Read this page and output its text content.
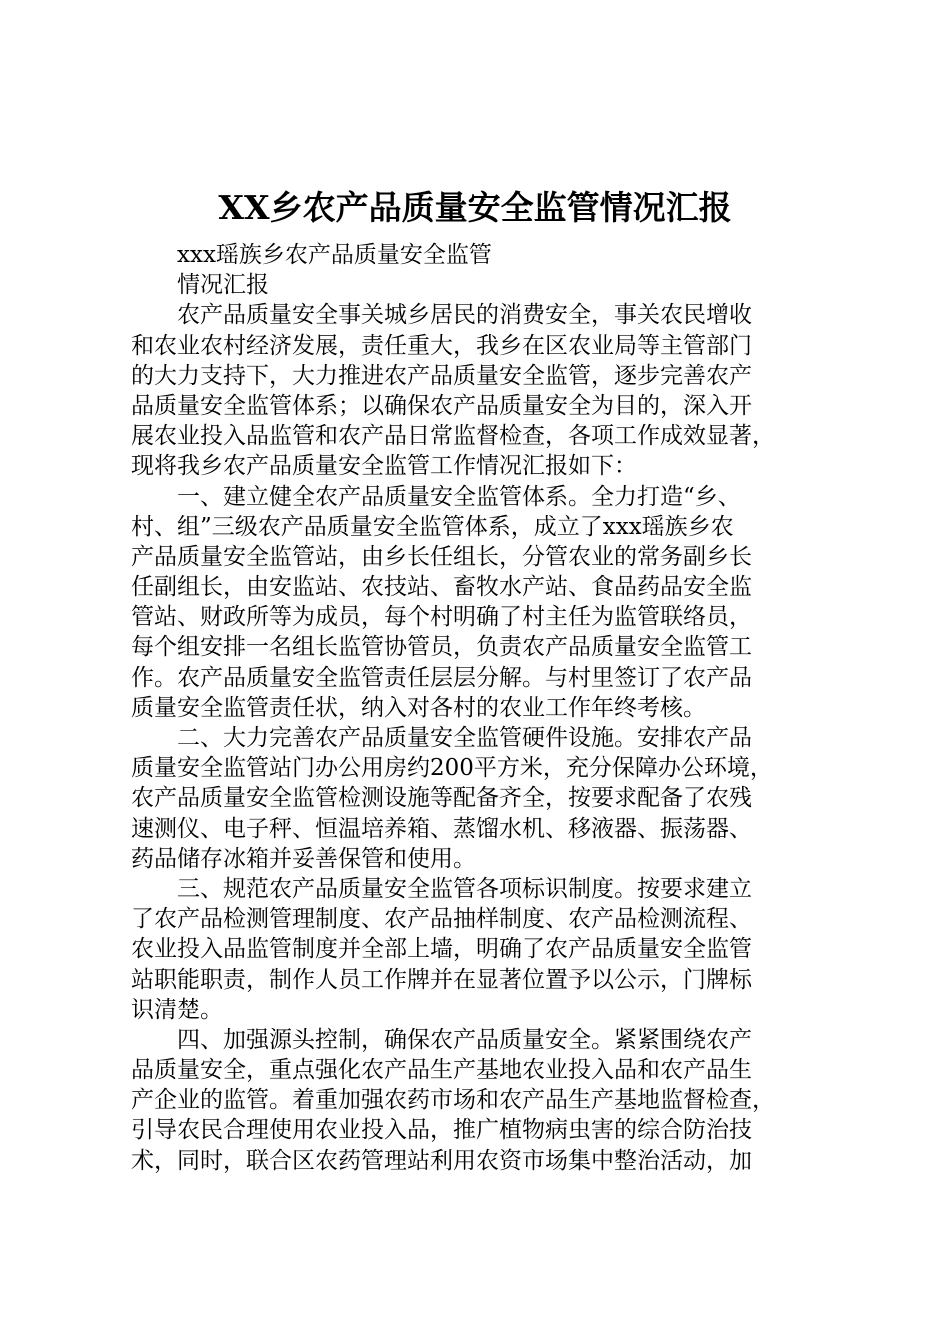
XX乡农产品质量安全监管情况汇报
xxx瑶族乡农产品质量安全监管
情况汇报
农产品质量安全事关城乡居民的消费安全，事关农民增收
和农业农村经济发展，责任重大，我乡在区农业局等主管部门
的大力支持下，大力推进农产品质量安全监管，逐步完善农产
品质量安全监管体系；以确保农产品质量安全为目的，深入开
展农业投入品监管和农产品日常监督检查，各项工作成效显著，
现将我乡农产品质量安全监管工作情况汇报如下：
一、建立健全农产品质量安全监管体系。全力打造“乡、
村、组”三级农产品质量安全监管体系，成立了xxx瑶族乡农
产品质量安全监管站，由乡长任组长，分管农业的常务副乡长
任副组长，由安监站、农技站、畜牧水产站、食品药品安全监
管站、财政所等为成员，每个村明确了村主任为监管联络员，
每个组安排一名组长监管协管员，负责农产品质量安全监管工
作。农产品质量安全监管责任层层分解。与村里签订了农产品
质量安全监管责任状，纳入对各村的农业工作年终考核。
二、大力完善农产品质量安全监管硬件设施。安排农产品
质量安全监管站门办公用房约200平方米，充分保障办公环境，
农产品质量安全监管检测设施等配备齐全，按要求配备了农残
速测仪、电子秤、恒温培养箱、蒸馏水机、移液器、振荡器、
药品储存冰箱并妥善保管和使用。
三、规范农产品质量安全监管各项标识制度。按要求建立
了农产品检测管理制度、农产品抽样制度、农产品检测流程、
农业投入品监管制度并全部上墙，明确了农产品质量安全监管
站职能职责，制作人员工作牌并在显著位置予以公示，门牌标
识清楚。
四、加强源头控制，确保农产品质量安全。紧紧围绕农产
品质量安全，重点强化农产品生产基地农业投入品和农产品生
产企业的监管。着重加强农药市场和农产品生产基地监督检查，
引导农民合理使用农业投入品，推广植物病虫害的综合防治技
术，同时，联合区农药管理站利用农资市场集中整治活动，加
